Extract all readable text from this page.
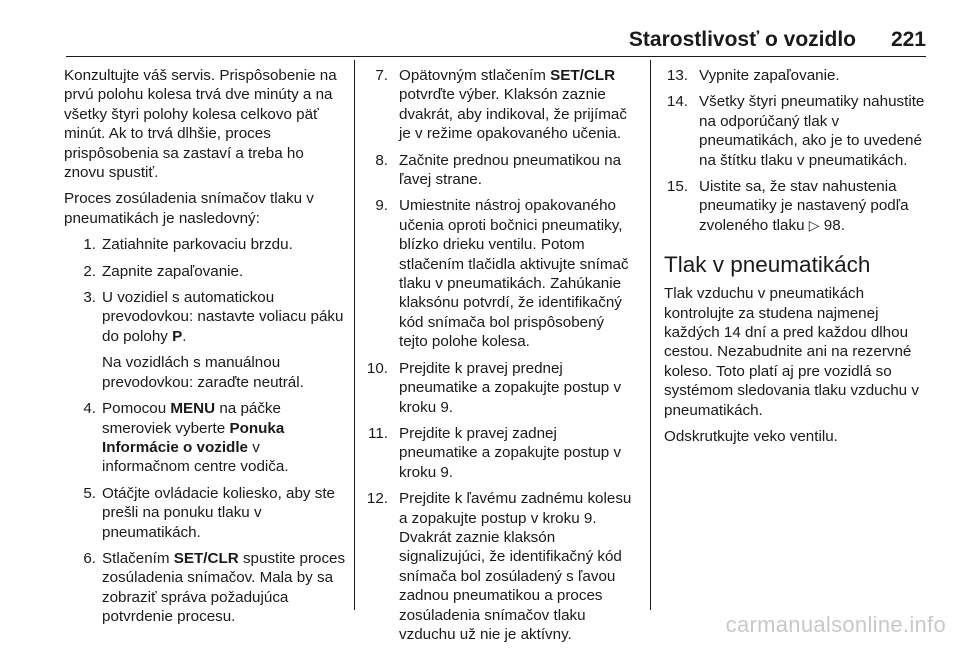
Starostlivosť o vozidlo 221

Konzultujte váš servis. Prispôsobenie na prvú polohu kolesa trvá dve minúty a na všetky štyri polohy kolesa celkovo päť minút. Ak to trvá dlhšie, proces prispôsobenia sa zastaví a treba ho znovu spustiť.

Proces zosúladenia snímačov tlaku v pneumatikách je nasledovný:

1. Zatiahnite parkovaciu brzdu.
2. Zapnite zapaľovanie.
3. U vozidiel s automatickou prevodovkou: nastavte voliacu páku do polohy P.
Na vozidlách s manuálnou prevodovkou: zaraďte neutrál.
4. Pomocou MENU na páčke smeroviek vyberte Ponuka Informácie o vozidle v informačnom centre vodiča.
5. Otáčjte ovládacie koliesko, aby ste prešli na ponuku tlaku v pneumatikách.
6. Stlačením SET/CLR spustite proces zosúladenia snímačov. Mala by sa zobraziť správa požadujúca potvrdenie procesu.
7. Opätovným stlačením SET/CLR potvrďte výber. Klaksón zaznie dvakrát, aby indikoval, že prijímač je v režime opakovaného učenia.
8. Začnite prednou pneumatikou na ľavej strane.
9. Umiestnite nástroj opakovaného učenia oproti bočnici pneumatiky, blízko drieku ventilu. Potom stlačením tlačidla aktivujte snímač tlaku v pneumatikách. Zahúkanie klaksónu potvrdí, že identifikačný kód snímača bol prispôsobený tejto polohe kolesa.
10. Prejdite k pravej prednej pneumatike a zopakujte postup v kroku 9.
11. Prejdite k pravej zadnej pneumatike a zopakujte postup v kroku 9.
12. Prejdite k ľavému zadnému kolesu a zopakujte postup v kroku 9. Dvakrát zaznie klaksón signalizujúci, že identifikačný kód snímača bol zosúladený s ľavou zadnou pneumatikou a proces zosúladenia snímačov tlaku vzduchu už nie je aktívny.
13. Vypnite zapaľovanie.
14. Všetky štyri pneumatiky nahustite na odporúčaný tlak v pneumatikách, ako je to uvedené na štítku tlaku v pneumatikách.
15. Uistite sa, že stav nahustenia pneumatiky je nastavený podľa zvoleného tlaku ▷ 98.
Tlak v pneumatikách

Tlak vzduchu v pneumatikách kontrolujte za studena najmenej každých 14 dní a pred každou dlhou cestou. Nezabudnite ani na rezervné koleso. Toto platí aj pre vozidlá so systémom sledovania tlaku vzduchu v pneumatikách.

Odskrutkujte veko ventilu.

carmanualsonline.info
